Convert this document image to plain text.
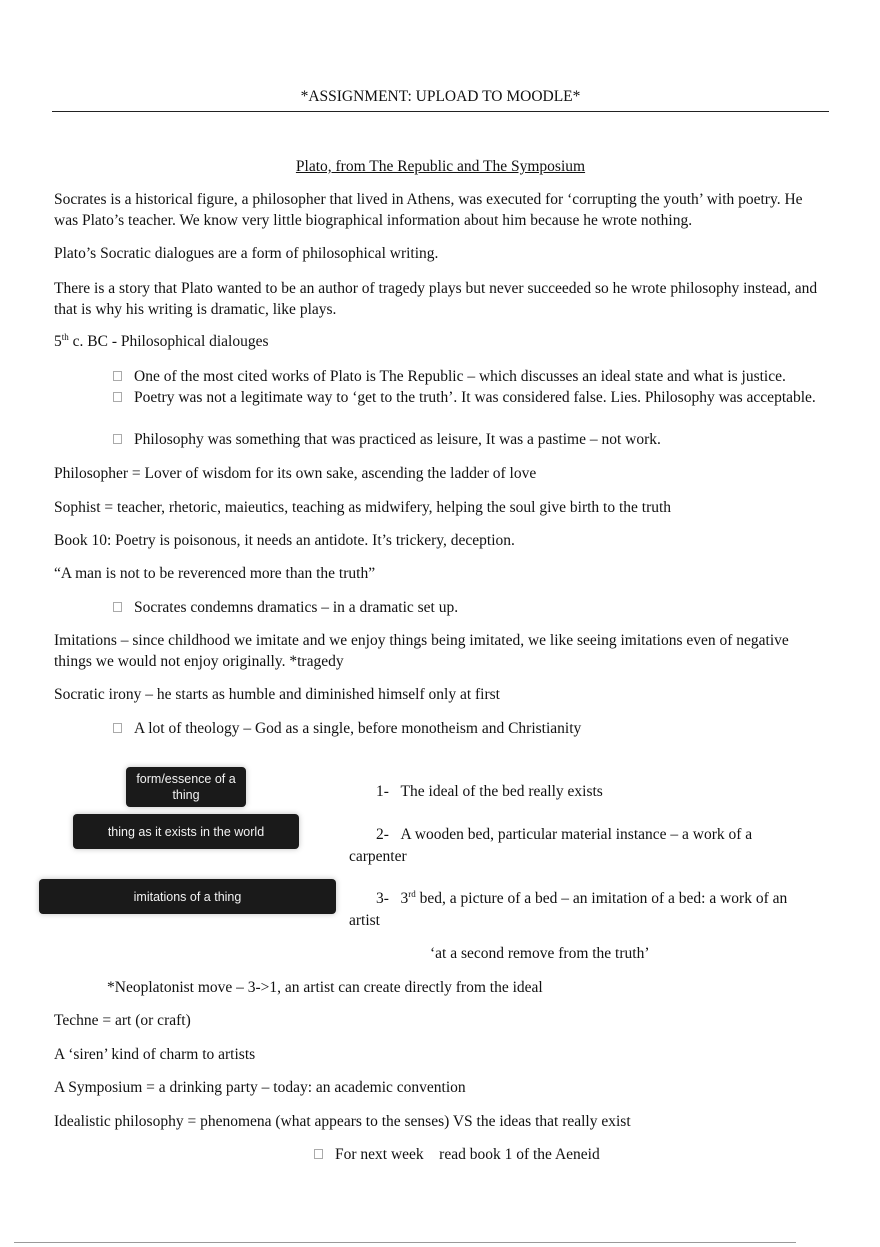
*ASSIGNMENT: UPLOAD TO MOODLE*
Plato, from The Republic and The Symposium

Socrates is a historical figure, a philosopher that lived in Athens, was executed for ‘corrupting the youth’ with poetry. He was Plato’s teacher. We know very little biographical information about him because he wrote nothing.

Plato’s Socratic dialogues are a form of philosophical writing.

There is a story that Plato wanted to be an author of tragedy plays but never succeeded so he wrote philosophy instead, and that is why his writing is dramatic, like plays.

5th c. BC - Philosophical dialouges

One of the most cited works of Plato is The Republic – which discusses an ideal state and what is justice.
Poetry was not a legitimate way to ‘get to the truth’. It was considered false. Lies. Philosophy was acceptable.
Philosophy was something that was practiced as leisure, It was a pastime – not work.

Philosopher = Lover of wisdom for its own sake, ascending the ladder of love

Sophist = teacher, rhetoric, maieutics, teaching as midwifery, helping the soul give birth to the truth

Book 10: Poetry is poisonous, it needs an antidote. It’s trickery, deception.

“A man is not to be reverenced more than the truth”

Socrates condemns dramatics – in a dramatic set up.

Imitations – since childhood we imitate and we enjoy things being imitated, we like seeing imitations even of negative things we would not enjoy originally. *tragedy

Socratic irony – he starts as humble and diminished himself only at first

A lot of theology – God as a single, before monotheism and Christianity
form/essence of a thing
thing as it exists in the world
imitations of a thing
1- The ideal of the bed really exists
2- A wooden bed, particular material instance – a work of a
carpenter
3- 3rd bed, a picture of a bed – an imitation of a bed: a work of an
artist
‘at a second remove from the truth’

*Neoplatonist move – 3->1, an artist can create directly from the ideal

Techne = art (or craft)

A ‘siren’ kind of charm to artists

A Symposium = a drinking party – today: an academic convention

Idealistic philosophy = phenomena (what appears to the senses) VS the ideas that really exist

For next week    read book 1 of the Aeneid
